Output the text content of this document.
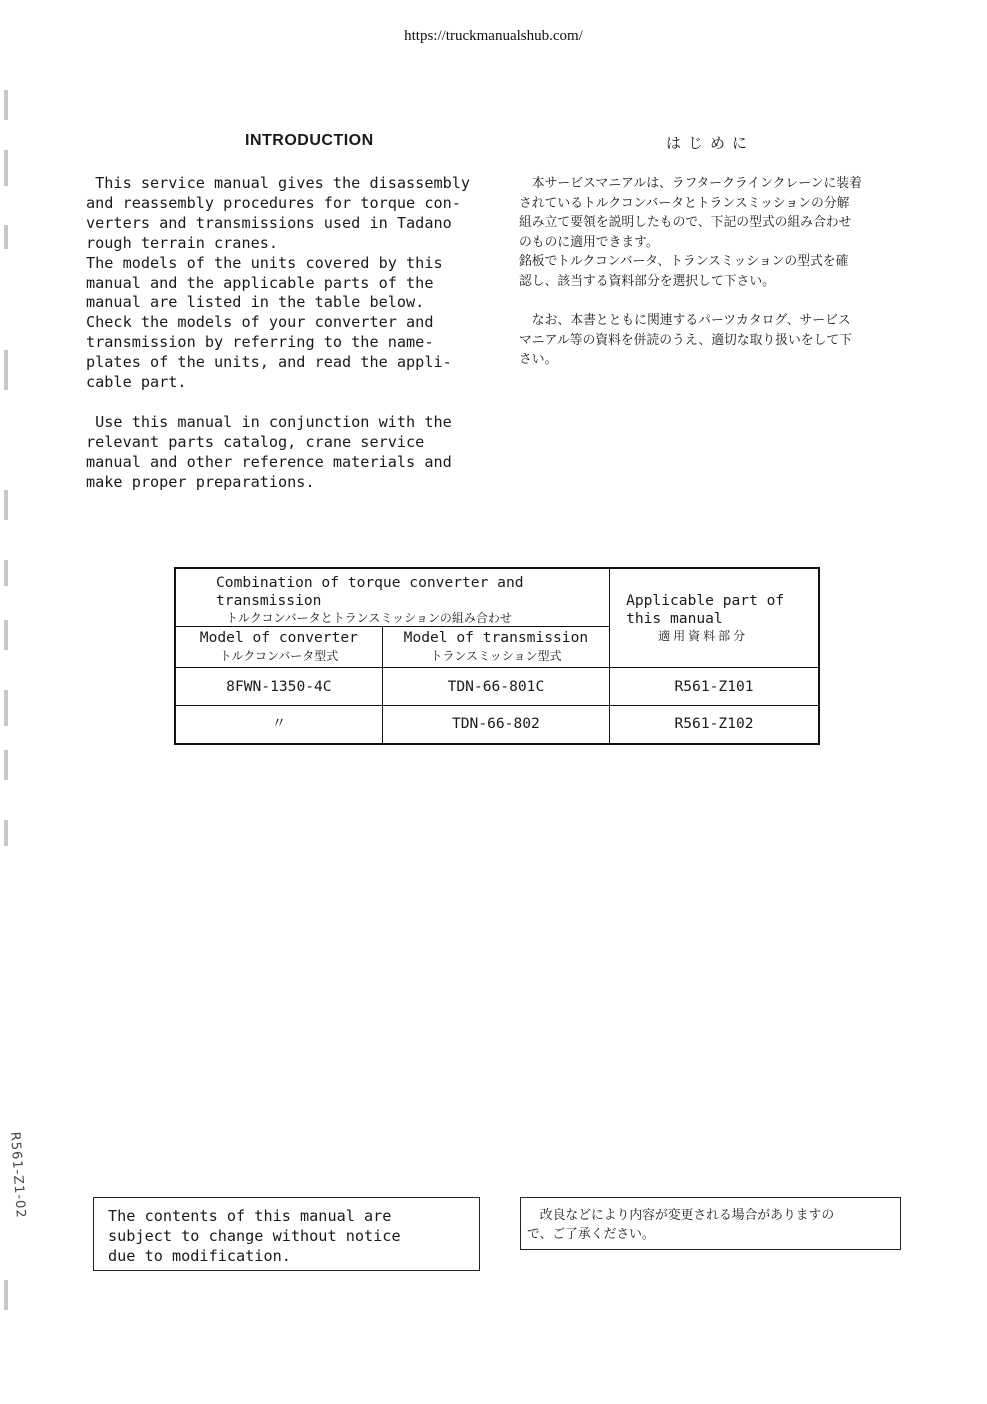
https://truckmanualshub.com/
INTRODUCTION	はじめに
This service manual gives the disassembly
and reassembly procedures for torque con-
verters and transmissions used in Tadano
rough terrain cranes.
The models of the units covered by this
manual and the applicable parts of the
manual are listed in the table below.
Check the models of your converter and
transmission by referring to the name-
plates of the units, and read the appli-
cable part.

Use this manual in conjunction with the
relevant parts catalog, crane service
manual and other reference materials and
make proper preparations.
　本サービスマニアルは、ラフタークラインクレーンに装着
されているトルクコンバータとトランスミッションの分解
組み立て要領を説明したもので、下記の型式の組み合わせ
のものに適用できます。
銘板でトルクコンバータ、トランスミッションの型式を確
認し、該当する資料部分を選択して下さい。

　なお、本書とともに関連するパーツカタログ、サービス
マニアル等の資料を併読のうえ、適切な取り扱いをして下
さい。
Combination of torque converter and
transmission
トルクコンバータとトランスミッションの組み合わせ		Applicable part of
this manual
適用資料部分

Model of converter
トルクコンバータ型式	Model of transmission
トランスミッション型式	
8FWN-1350-4C	TDN-66-801C	R561-Z101
〃	TDN-66-802	R561-Z102
The contents of this manual are
subject to change without notice
due to modification.
　改良などにより内容が変更される場合がありますの
で、ご了承ください。
R561-Z1-02
